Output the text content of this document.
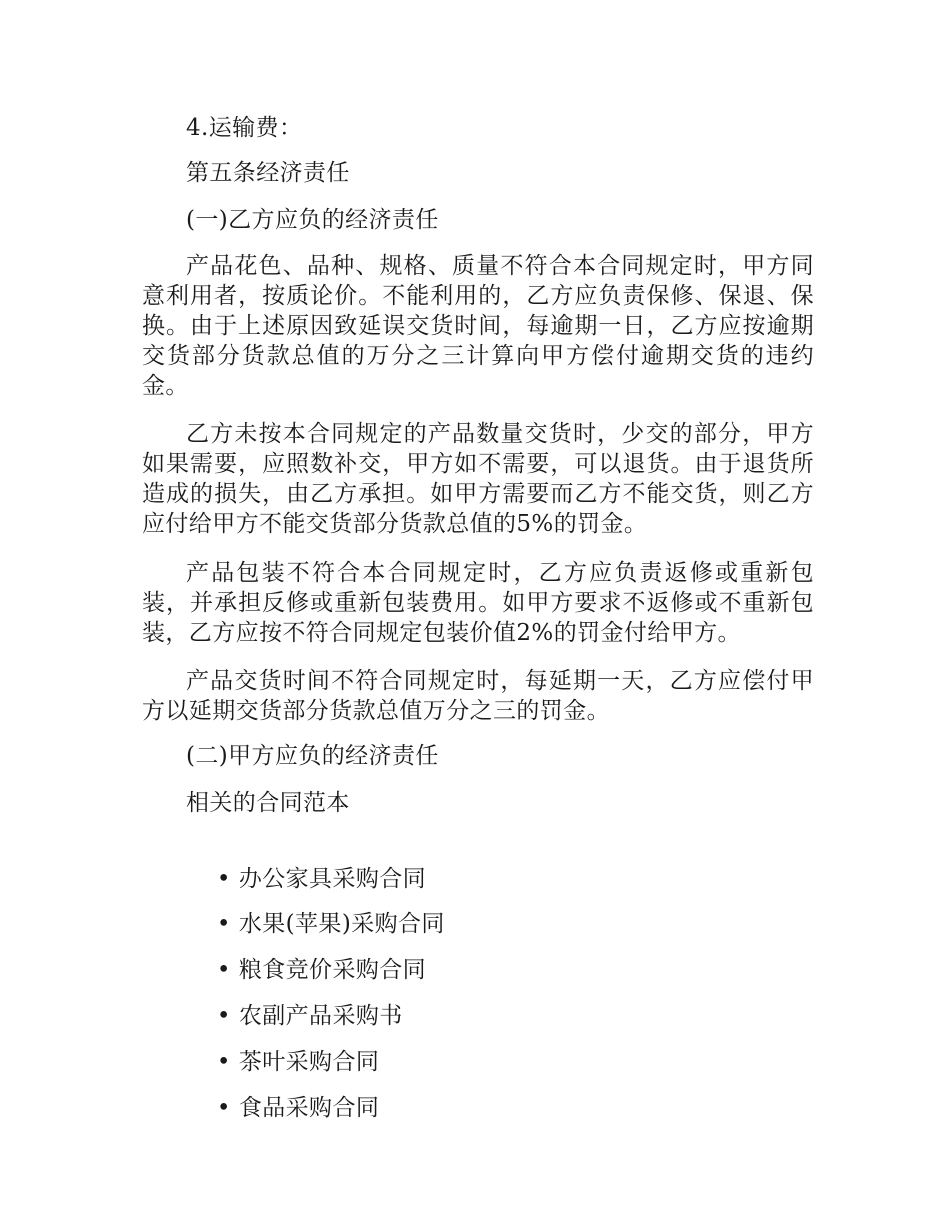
4.运输费：
第五条经济责任
(一)乙方应负的经济责任
产品花色、品种、规格、质量不符合本合同规定时，甲方同意利用者，按质论价。不能利用的，乙方应负责保修、保退、保换。由于上述原因致延误交货时间，每逾期一日，乙方应按逾期交货部分货款总值的万分之三计算向甲方偿付逾期交货的违约金。
乙方未按本合同规定的产品数量交货时，少交的部分，甲方如果需要，应照数补交，甲方如不需要，可以退货。由于退货所造成的损失，由乙方承担。如甲方需要而乙方不能交货，则乙方应付给甲方不能交货部分货款总值的5%的罚金。
产品包装不符合本合同规定时，乙方应负责返修或重新包装，并承担反修或重新包装费用。如甲方要求不返修或不重新包装，乙方应按不符合同规定包装价值2%的罚金付给甲方。
产品交货时间不符合同规定时，每延期一天，乙方应偿付甲方以延期交货部分货款总值万分之三的罚金。
(二)甲方应负的经济责任
相关的合同范本

• 办公家具采购合同

• 水果(苹果)采购合同

• 粮食竞价采购合同

• 农副产品采购书

• 茶叶采购合同

• 食品采购合同
